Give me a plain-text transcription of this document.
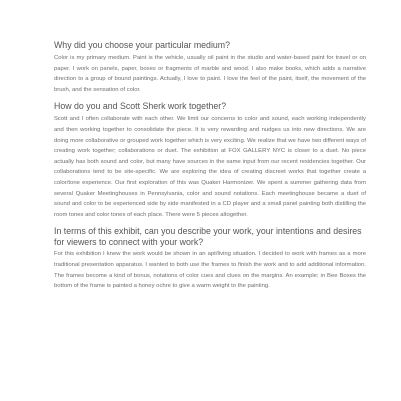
Why did you choose your particular medium?

Color is my primary medium. Paint is the vehicle, usually oil paint in the studio and water-based paint for travel or on paper. I work on panels, paper, boxes or fragments of marble and wood. I also make books, which adds a narrative direction to a group of bound paintings. Actually, I love to paint. I love the feel of the paint, itself, the movement of the brush, and the sensation of color.

How do you and Scott Sherk work together?

Scott and I often collaborate with each other. We limit our concerns to color and sound, each working independently and then working together to consolidate the piece. It is very rewarding and nudges us into new directions. We are doing more collaborative or grouped work together which is very exciting. We realize that we have two different ways of creating work together; collaborations or duet. The exhibition at FOX GALLERY NYC is closer to a duet. No piece actually has both sound and color, but many have sources in the same input from our recent residencies together. Our collaborations tend to be site-specific. We are exploring the idea of creating discreet works that together create a color/tone experience. Our first exploration of this was Quaker Harmonizer. We spent a summer gathering data from several Quaker Meetinghouses in Pennsylvania, color and sound notations. Each meetinghouse became a duet of sound and color to be experienced side by side manifested in a CD player and a small panel painting both distilling the room tones and color tones of each place. There were 5 pieces altogether.

In terms of this exhibit, can you describe your work, your intentions and desires for viewers to connect with your work?

For this exhibition I knew the work would be shown in an apt/living situation. I decided to work with frames as a more traditional presentation apparatus. I wanted to both use the frames to finish the work and to add additional information. The frames become a kind of bonus, notations of color cues and clues on the margins. An example; in Bee Boxes the bottom of the frame is painted a honey ochre to give a warm weight to the painting.
